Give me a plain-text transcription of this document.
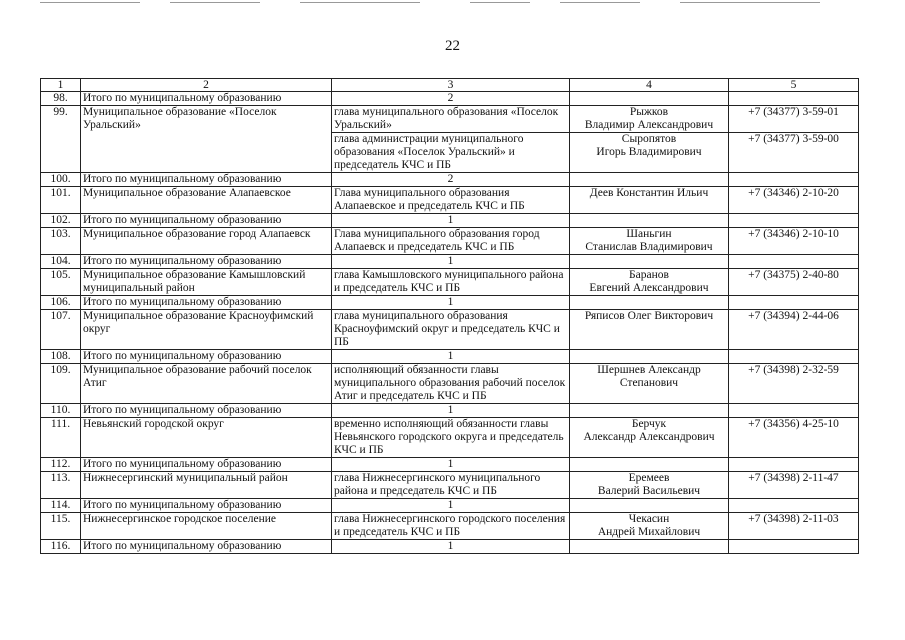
22
1	2	3	4	5
98.	Итого по муниципальному образованию	2		
99.	Муниципальное образование «Поселок Уральский»	глава муниципального образования «Поселок Уральский»	Рыжков
Владимир Александрович	+7 (34377) 3-59-01
		глава администрации муниципального образования «Поселок Уральский» и председатель КЧС и ПБ	Сыропятов
Игорь Владимирович	+7 (34377) 3-59-00
100.	Итого по муниципальному образованию	2		
101.	Муниципальное образование Алапаевское	Глава муниципального образования Алапаевское и председатель КЧС и ПБ	Деев Константин Ильич	+7 (34346) 2-10-20
102.	Итого по муниципальному образованию	1		
103.	Муниципальное образование город Алапаевск	Глава муниципального образования город Алапаевск и председатель КЧС и ПБ	Шаньгин
Станислав Владимирович	+7 (34346) 2-10-10
104.	Итого по муниципальному образованию	1		
105.	Муниципальное образование Камышловский муниципальный район	глава Камышловского муниципального района и председатель КЧС и ПБ	Баранов
Евгений Александрович	+7 (34375) 2-40-80
106.	Итого по муниципальному образованию	1		
107.	Муниципальное образование Красноуфимский округ	глава муниципального образования Красноуфимский округ и председатель КЧС и ПБ	Ряписов Олег Викторович	+7 (34394) 2-44-06
108.	Итого по муниципальному образованию	1		
109.	Муниципальное образование рабочий поселок Атиг	исполняющий обязанности главы муниципального образования рабочий поселок Атиг и председатель КЧС и ПБ	Шершнев Александр
Степанович	+7 (34398) 2-32-59
110.	Итого по муниципальному образованию	1		
111.	Невьянский городской округ	временно исполняющий обязанности главы Невьянского городского округа и председатель КЧС и ПБ	Берчук
Александр Александрович	+7 (34356) 4-25-10
112.	Итого по муниципальному образованию	1		
113.	Нижнесергинский муниципальный район	глава Нижнесергинского муниципального района и председатель КЧС и ПБ	Еремеев
Валерий Васильевич	+7 (34398) 2-11-47
114.	Итого по муниципальному образованию	1		
115.	Нижнесергинское городское поселение	глава Нижнесергинского городского поселения и председатель КЧС и ПБ	Чекасин
Андрей Михайлович	+7 (34398) 2-11-03
116.	Итого по муниципальному образованию	1		
